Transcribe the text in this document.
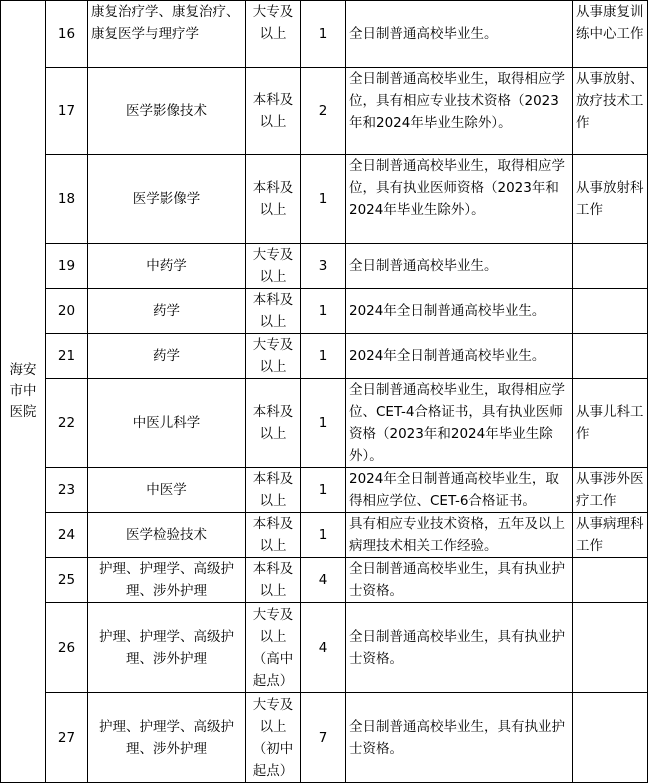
海安市中医院	16	康复治疗学、康复治疗、康复医学与理疗学	大专及以上	1	全日制普通高校毕业生。	从事康复训练中心工作
	17	医学影像技术	本科及以上	2	全日制普通高校毕业生，取得相应学位，具有相应专业技术资格（2023年和2024年毕业生除外）。	从事放射、放疗技术工作
	18	医学影像学	本科及以上	1	全日制普通高校毕业生，取得相应学位，具有执业医师资格（2023年和2024年毕业生除外）。	从事放射科工作
	19	中药学	大专及以上	3	全日制普通高校毕业生。	
	20	药学	本科及以上	1	2024年全日制普通高校毕业生。	
	21	药学	大专及以上	1	2024年全日制普通高校毕业生。	
	22	中医儿科学	本科及以上	1	全日制普通高校毕业生，取得相应学位、CET-4合格证书，具有执业医师资格（2023年和2024年毕业生除外）。	从事儿科工作
	23	中医学	本科及以上	1	2024年全日制普通高校毕业生，取得相应学位、CET-6合格证书。	从事涉外医疗工作
	24	医学检验技术	本科及以上	1	具有相应专业技术资格，五年及以上病理技术相关工作经验。	从事病理科工作
	25	护理、护理学、高级护理、涉外护理	本科及以上	4	全日制普通高校毕业生，具有执业护士资格。	
	26	护理、护理学、高级护理、涉外护理	大专及以上（高中起点）	4	全日制普通高校毕业生，具有执业护士资格。	
	27	护理、护理学、高级护理、涉外护理	大专及以上（初中起点）	7	全日制普通高校毕业生，具有执业护士资格。	
